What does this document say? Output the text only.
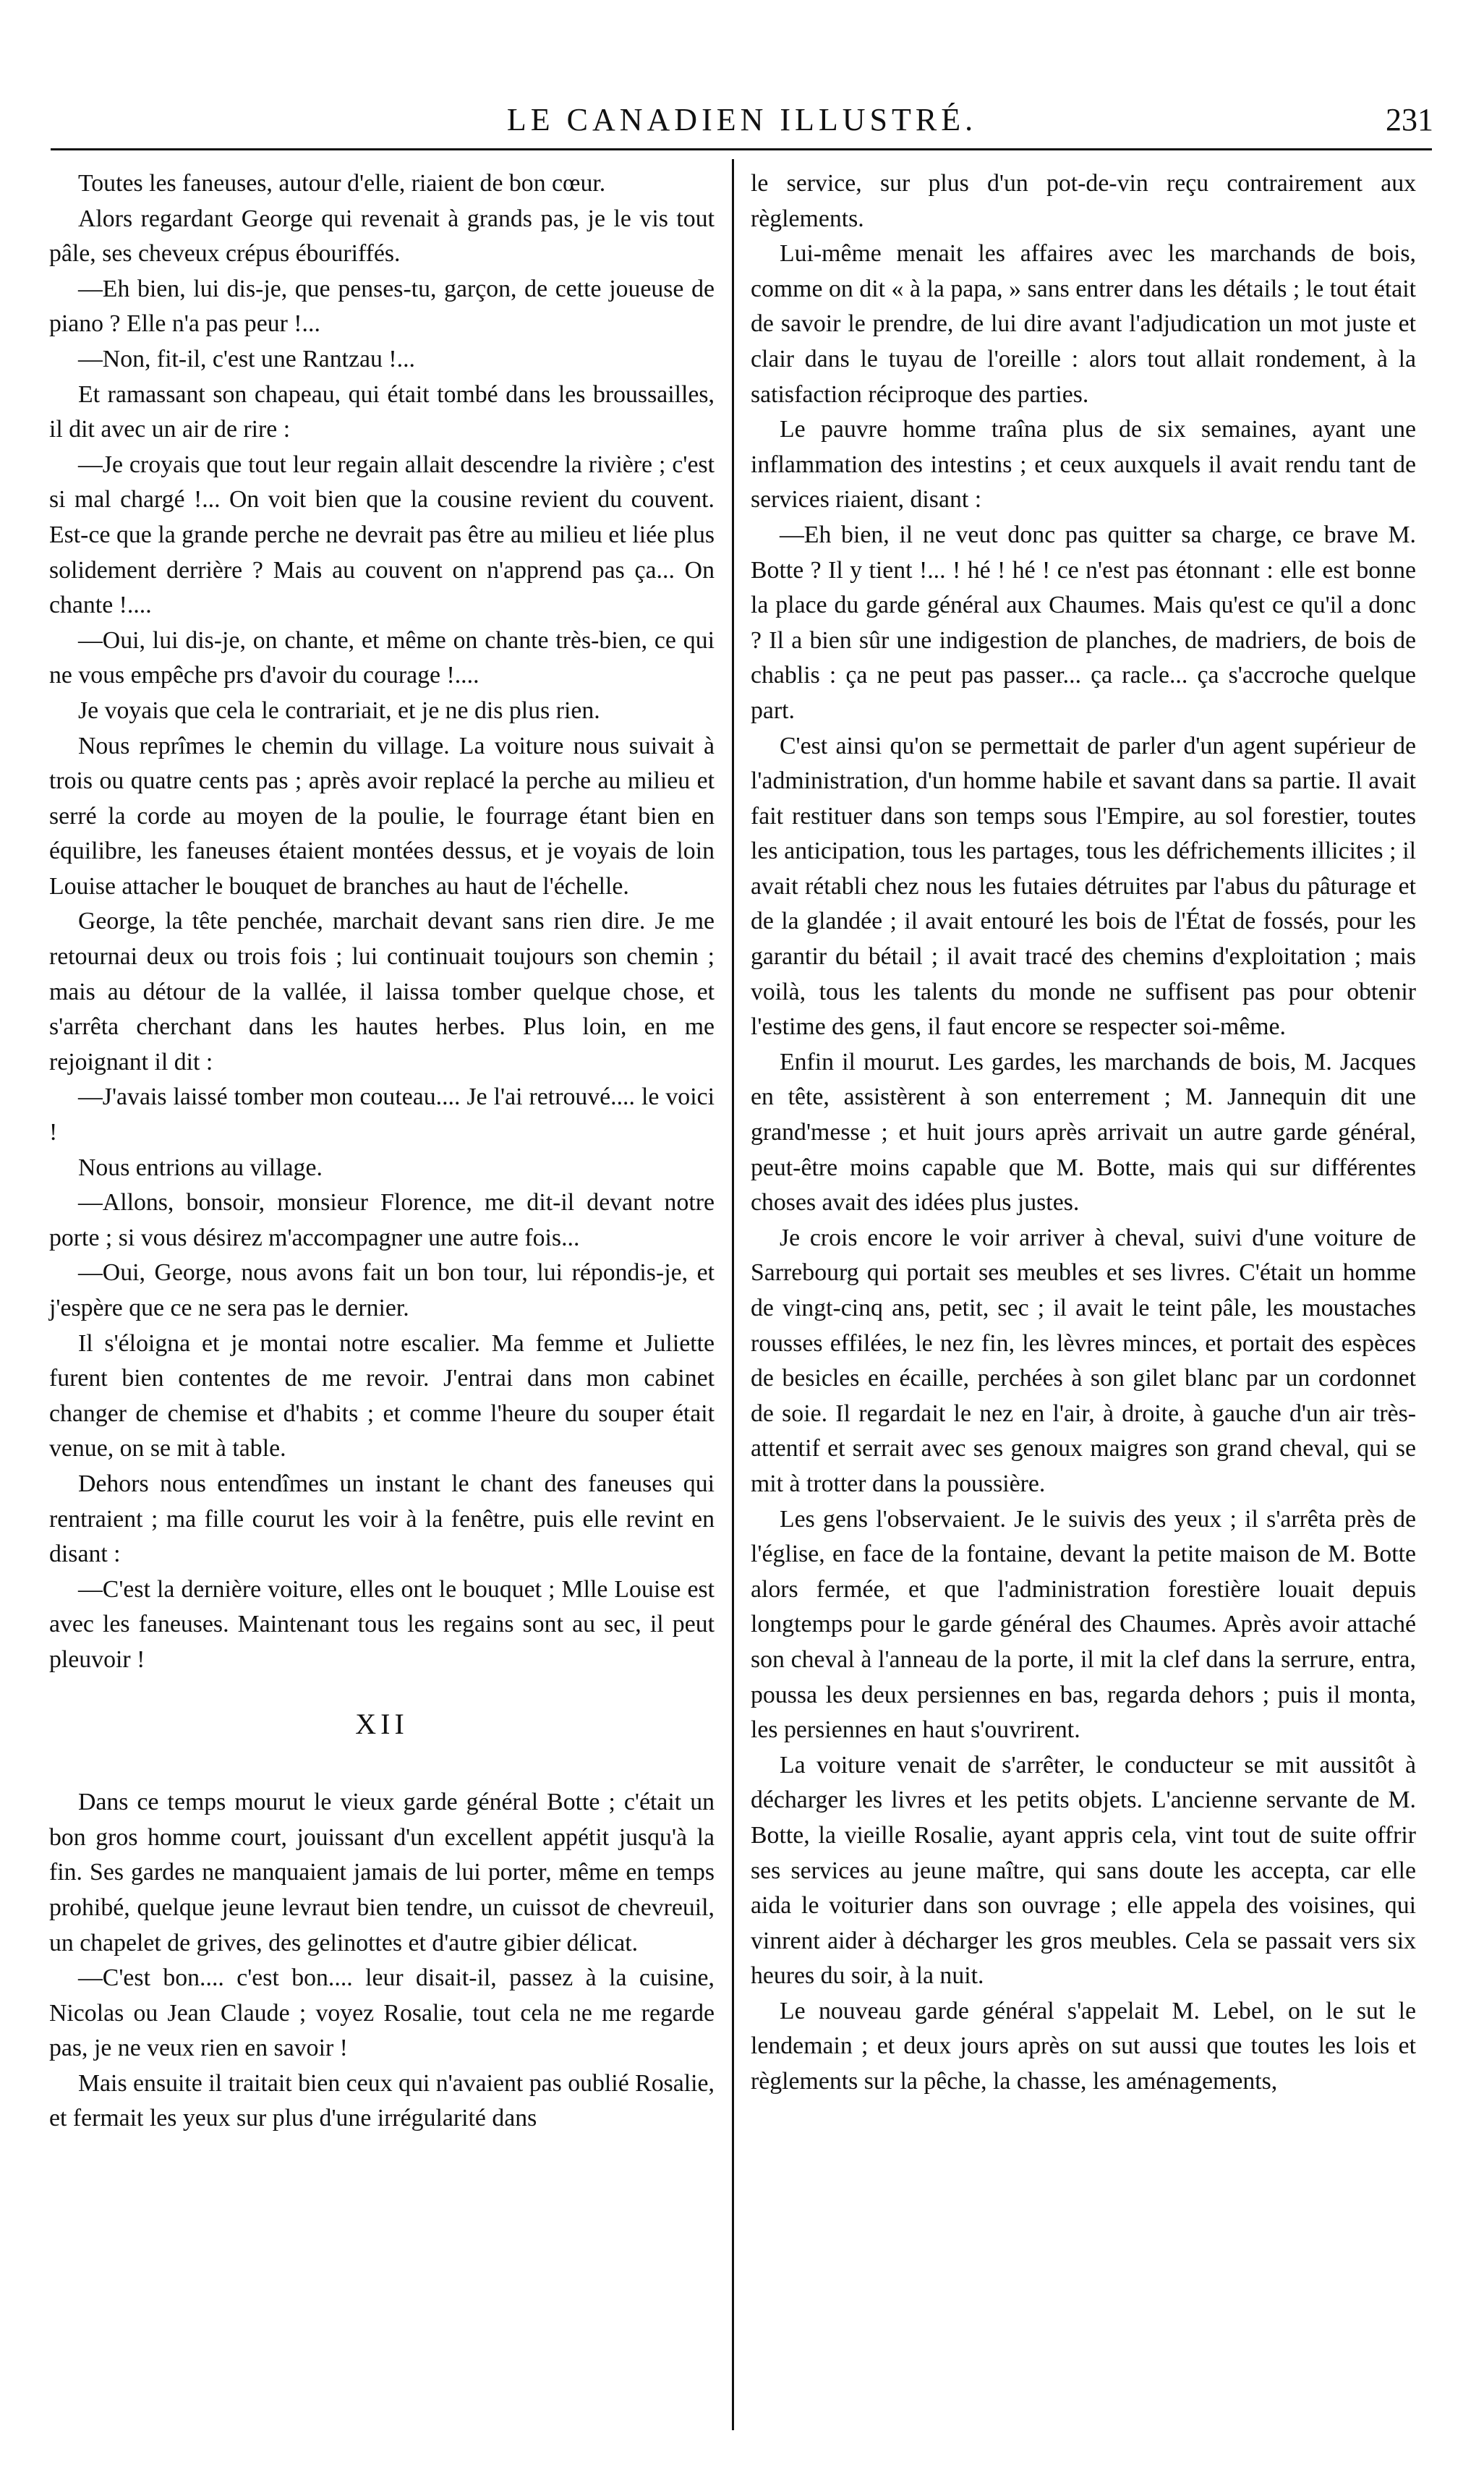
LE CANADIEN ILLUSTRÉ.	231

Toutes les faneuses, autour d'elle, riaient de bon cœur.

Alors regardant George qui revenait à grands pas, je le vis tout pâle, ses cheveux crépus ébouriffés.

—Eh bien, lui dis-je, que penses-tu, garçon, de cette joueuse de piano ? Elle n'a pas peur !...

—Non, fit-il, c'est une Rantzau !...

Et ramassant son chapeau, qui était tombé dans les broussailles, il dit avec un air de rire :

—Je croyais que tout leur regain allait descendre la rivière ; c'est si mal chargé !... On voit bien que la cousine revient du couvent. Est-ce que la grande perche ne devrait pas être au milieu et liée plus solidement derrière ? Mais au couvent on n'apprend pas ça... On chante !....

—Oui, lui dis-je, on chante, et même on chante très-bien, ce qui ne vous empêche prs d'avoir du courage !....

Je voyais que cela le contrariait, et je ne dis plus rien.

Nous reprîmes le chemin du village. La voiture nous suivait à trois ou quatre cents pas ; après avoir replacé la perche au milieu et serré la corde au moyen de la poulie, le fourrage étant bien en équilibre, les faneuses étaient montées dessus, et je voyais de loin Louise attacher le bouquet de branches au haut de l'échelle.

George, la tête penchée, marchait devant sans rien dire. Je me retournai deux ou trois fois ; lui continuait toujours son chemin ; mais au détour de la vallée, il laissa tomber quelque chose, et s'arrêta cherchant dans les hautes herbes. Plus loin, en me rejoignant il dit :

—J'avais laissé tomber mon couteau.... Je l'ai retrouvé.... le voici !

Nous entrions au village.

—Allons, bonsoir, monsieur Florence, me dit-il devant notre porte ; si vous désirez m'accompagner une autre fois...

—Oui, George, nous avons fait un bon tour, lui répondis-je, et j'espère que ce ne sera pas le dernier.

Il s'éloigna et je montai notre escalier. Ma femme et Juliette furent bien contentes de me revoir. J'entrai dans mon cabinet changer de chemise et d'habits ; et comme l'heure du souper était venue, on se mit à table.

Dehors nous entendîmes un instant le chant des faneuses qui rentraient ; ma fille courut les voir à la fenêtre, puis elle revint en disant :

—C'est la dernière voiture, elles ont le bouquet ; Mlle Louise est avec les faneuses. Maintenant tous les regains sont au sec, il peut pleuvoir !

XII

Dans ce temps mourut le vieux garde général Botte ; c'était un bon gros homme court, jouissant d'un excellent appétit jusqu'à la fin. Ses gardes ne manquaient jamais de lui porter, même en temps prohibé, quelque jeune levraut bien tendre, un cuissot de chevreuil, un chapelet de grives, des gelinottes et d'autre gibier délicat.

—C'est bon.... c'est bon.... leur disait-il, passez à la cuisine, Nicolas ou Jean Claude ; voyez Rosalie, tout cela ne me regarde pas, je ne veux rien en savoir !

Mais ensuite il traitait bien ceux qui n'avaient pas oublié Rosalie, et fermait les yeux sur plus d'une irrégularité dans

le service, sur plus d'un pot-de-vin reçu contrairement aux règlements.

Lui-même menait les affaires avec les marchands de bois, comme on dit « à la papa, » sans entrer dans les détails ; le tout était de savoir le prendre, de lui dire avant l'adjudication un mot juste et clair dans le tuyau de l'oreille : alors tout allait rondement, à la satisfaction réciproque des parties.

Le pauvre homme traîna plus de six semaines, ayant une inflammation des intestins ; et ceux auxquels il avait rendu tant de services riaient, disant :

—Eh bien, il ne veut donc pas quitter sa charge, ce brave M. Botte ? Il y tient !... ! hé ! hé ! ce n'est pas étonnant : elle est bonne la place du garde général aux Chaumes. Mais qu'est ce qu'il a donc ? Il a bien sûr une indigestion de planches, de madriers, de bois de chablis : ça ne peut pas passer... ça racle... ça s'accroche quelque part.

C'est ainsi qu'on se permettait de parler d'un agent supérieur de l'administration, d'un homme habile et savant dans sa partie. Il avait fait restituer dans son temps sous l'Empire, au sol forestier, toutes les anticipation, tous les partages, tous les défrichements illicites ; il avait rétabli chez nous les futaies détruites par l'abus du pâturage et de la glandée ; il avait entouré les bois de l'État de fossés, pour les garantir du bétail ; il avait tracé des chemins d'exploitation ; mais voilà, tous les talents du monde ne suffisent pas pour obtenir l'estime des gens, il faut encore se respecter soi-même.

Enfin il mourut. Les gardes, les marchands de bois, M. Jacques en tête, assistèrent à son enterrement ; M. Jannequin dit une grand'messe ; et huit jours après arrivait un autre garde général, peut-être moins capable que M. Botte, mais qui sur différentes choses avait des idées plus justes.

Je crois encore le voir arriver à cheval, suivi d'une voiture de Sarrebourg qui portait ses meubles et ses livres. C'était un homme de vingt-cinq ans, petit, sec ; il avait le teint pâle, les moustaches rousses effilées, le nez fin, les lèvres minces, et portait des espèces de besicles en écaille, perchées à son gilet blanc par un cordonnet de soie. Il regardait le nez en l'air, à droite, à gauche d'un air très-attentif et serrait avec ses genoux maigres son grand cheval, qui se mit à trotter dans la poussière.

Les gens l'observaient. Je le suivis des yeux ; il s'arrêta près de l'église, en face de la fontaine, devant la petite maison de M. Botte alors fermée, et que l'administration forestière louait depuis longtemps pour le garde général des Chaumes. Après avoir attaché son cheval à l'anneau de la porte, il mit la clef dans la serrure, entra, poussa les deux persiennes en bas, regarda dehors ; puis il monta, les persiennes en haut s'ouvrirent.

La voiture venait de s'arrêter, le conducteur se mit aussitôt à décharger les livres et les petits objets. L'ancienne servante de M. Botte, la vieille Rosalie, ayant appris cela, vint tout de suite offrir ses services au jeune maître, qui sans doute les accepta, car elle aida le voiturier dans son ouvrage ; elle appela des voisines, qui vinrent aider à décharger les gros meubles. Cela se passait vers six heures du soir, à la nuit.

Le nouveau garde général s'appelait M. Lebel, on le sut le lendemain ; et deux jours après on sut aussi que toutes les lois et règlements sur la pêche, la chasse, les aménagements,
